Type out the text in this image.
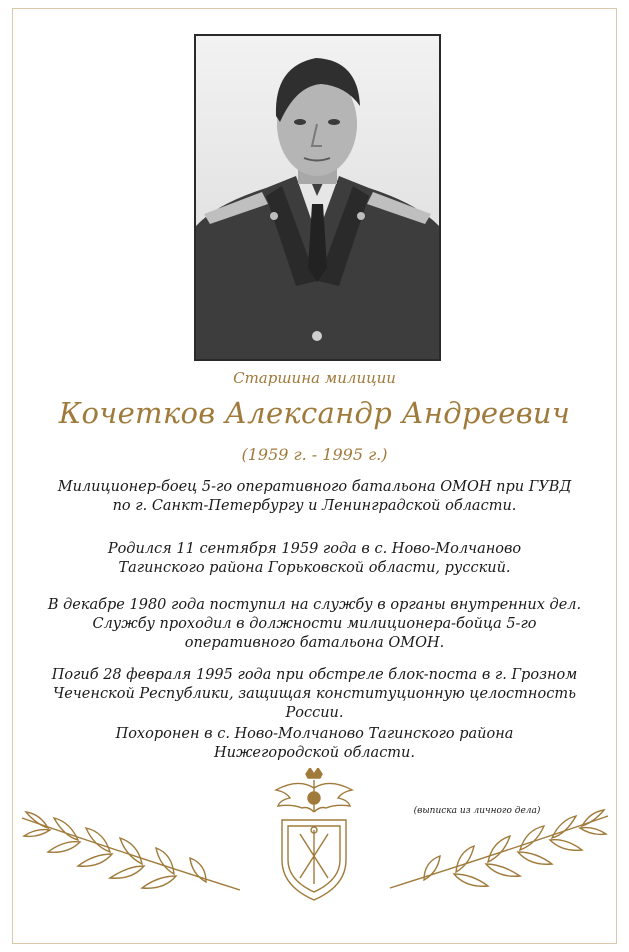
Старшина милиции
Кочетков Александр Андреевич
(1959 г. - 1995 г.)

Милиционер-боец 5-го оперативного батальона ОМОН при ГУВД

по г. Санкт-Петербургу и Ленинградской области.

Родился 11 сентября 1959 года в с. Ново-Молчаново

Тагинского района Горьковской области, русский.

В декабре 1980 года поступил на службу в органы внутренних дел.

Службу проходил в должности милиционера-бойца 5-го

оперативного батальона ОМОН.

Погиб 28 февраля 1995 года при обстреле блок-поста в г. Грозном

Чеченской Республики, защищая конституционную целостность России.

Похоронен в с. Ново-Молчаново Тагинского района

Нижегородской области.

(выписка из личного дела)
